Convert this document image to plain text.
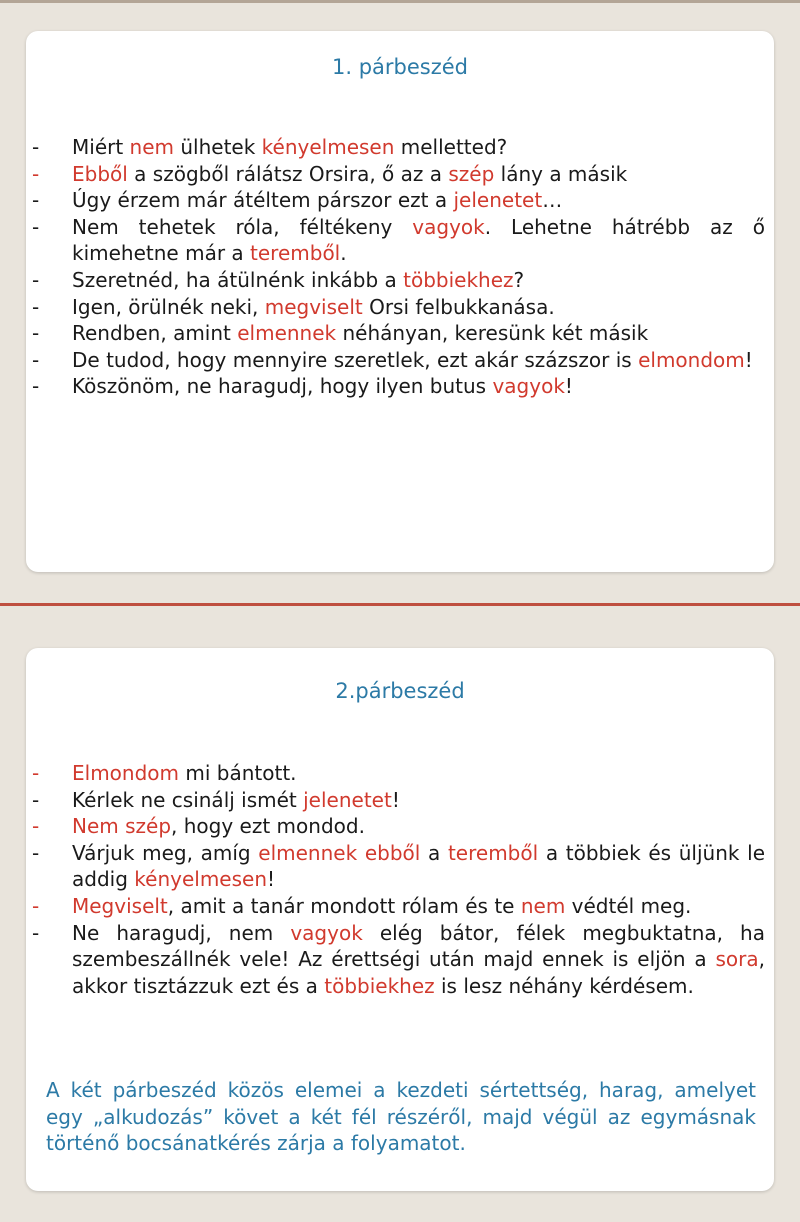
1. párbeszéd
- Miért nem ülhetek kényelmesen melletted?
- Ebből a szögből rálátsz Orsira, ő az a szép lány a másik
- Úgy érzem már átéltem párszor ezt a jelenetet…
- Nem tehetek róla, féltékeny vagyok. Lehetne hátrébb az ő kimehetne már a teremből.
- Szeretnéd, ha átülnénk inkább a többiekhez?
- Igen, örülnék neki, megviselt Orsi felbukkanása.
- Rendben, amint elmennek néhányan, keresünk két másik
- De tudod, hogy mennyire szeretlek, ezt akár százszor is elmondom!
- Köszönöm, ne haragudj, hogy ilyen butus vagyok!
2.párbeszéd
- Elmondom mi bántott.
- Kérlek ne csinálj ismét jelenetet!
- Nem szép, hogy ezt mondod.
- Várjuk meg, amíg elmennek ebből a teremből a többiek és üljünk le addig kényelmesen!
- Megviselt, amit a tanár mondott rólam és te nem védtél meg.
- Ne haragudj, nem vagyok elég bátor, félek megbuktatna, ha szembeszállnék vele! Az érettségi után majd ennek is eljön a sora, akkor tisztázzuk ezt és a többiekhez is lesz néhány kérdésem.

A két párbeszéd közös elemei a kezdeti sértettség, harag, amelyet egy „alkudozás” követ a két fél részéről, majd végül az egymásnak történő bocsánatkérés zárja a folyamatot.
